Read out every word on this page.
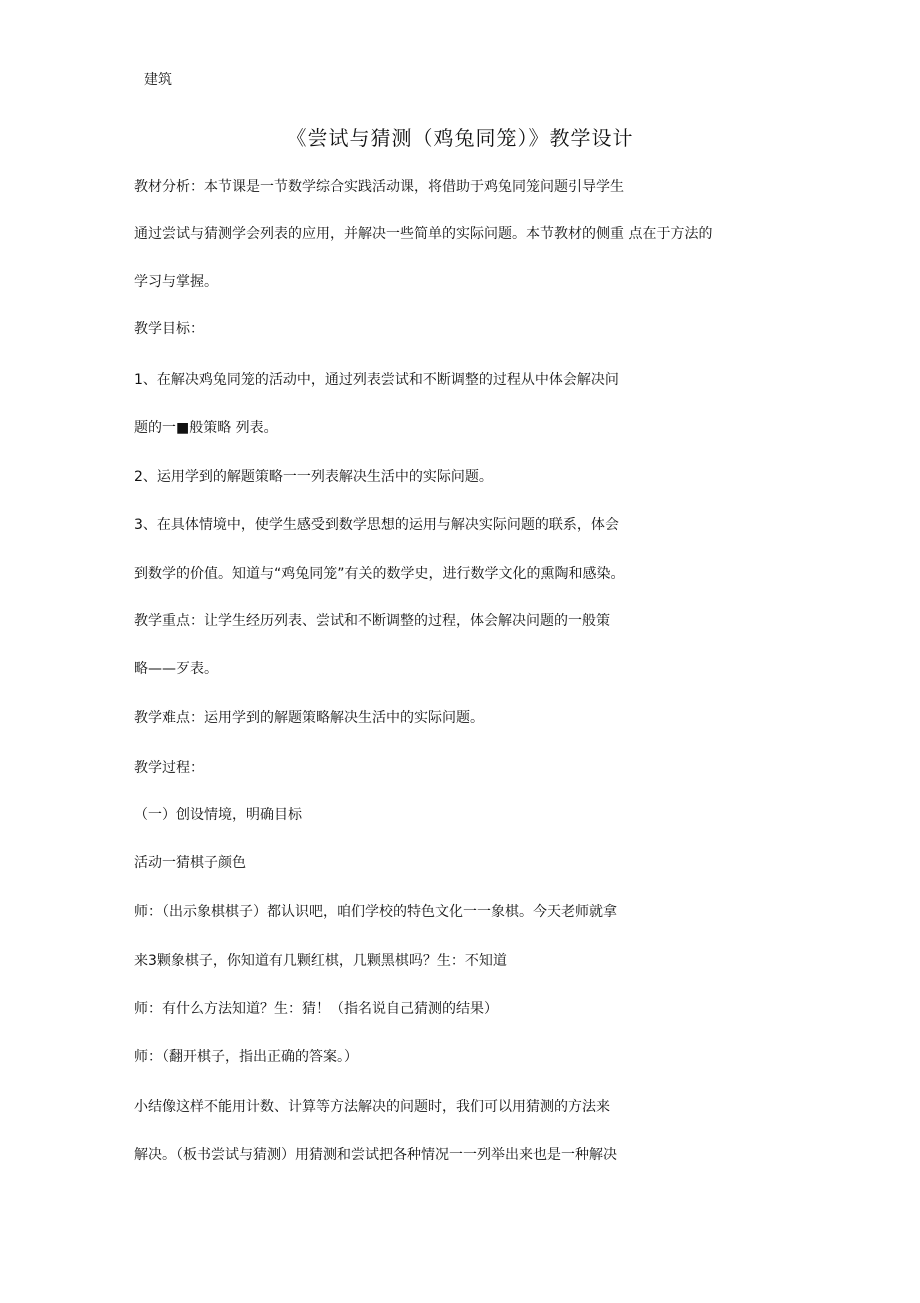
建筑
《尝试与猜测（鸡兔同笼）》教学设计
教材分析：本节课是一节数学综合实践活动课，将借助于鸡兔同笼问题引导学生
通过尝试与猜测学会列表的应用，并解决一些简单的实际问题。本节教材的侧重 点在于方法的
学习与掌握。
教学目标：
1、在解决鸡兔同笼的活动中，通过列表尝试和不断调整的过程从中体会解决问
题的一■般策略 列表。
2、运用学到的解题策略一一列表解决生活中的实际问题。
3、在具体情境中，使学生感受到数学思想的运用与解决实际问题的联系，体会
到数学的价值。知道与“鸡兔同笼”有关的数学史，进行数学文化的熏陶和感染。
教学重点：让学生经历列表、尝试和不断调整的过程，体会解决问题的一般策
略——歹表。
教学难点：运用学到的解题策略解决生活中的实际问题。
教学过程：
（一）创设情境，明确目标
活动一猜棋子颜色
师：（出示象棋棋子）都认识吧，咱们学校的特色文化一一象棋。今天老师就拿
来3颗象棋子，你知道有几颗红棋，几颗黑棋吗？生：不知道
师：有什么方法知道？生：猜！（指名说自己猜测的结果）
师：（翻开棋子，指出正确的答案。）
小结像这样不能用计数、计算等方法解决的问题时，我们可以用猜测的方法来
解决。（板书尝试与猜测）用猜测和尝试把各种情况一一列举出来也是一种解决
